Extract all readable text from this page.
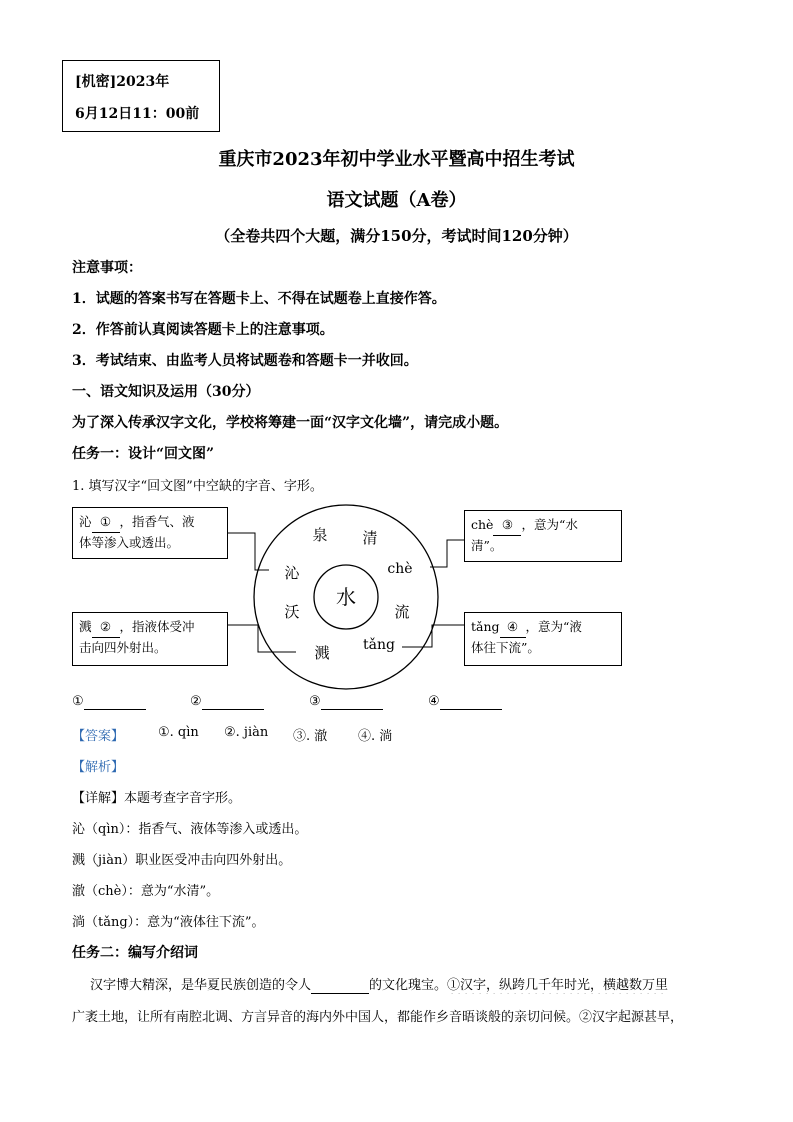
[机密]2023年
6月12日11：00前
重庆市2023年初中学业水平暨高中招生考试
语文试题（A卷）
（全卷共四个大题，满分150分，考试时间120分钟）
注意事项：
1．试题的答案书写在答题卡上、不得在试题卷上直接作答。
2．作答前认真阅读答题卡上的注意事项。
3．考试结束、由监考人员将试题卷和答题卡一并收回。
一、语文知识及运用（30分）
为了深入传承汉字文化，学校将筹建一面“汉字文化墙”，请完成小题。
任务一：设计“回文图”
1. 填写汉字“回文图”中空缺的字音、字形。
泉 清
chè
流
tǎng
溅
沃
沁
水
沁 ① ，指香气、液
体等渗入或透出。
溅 ② ，指液体受冲
击向四外射出。
chè ③ ，意为“水
清”。
tǎng ④ ，意为“液
体往下流”。
①	②	③	④
【答案】	①. qìn ②. jiàn ③. 澈 ④. 淌
【解析】
【详解】本题考查字音字形。
沁（qìn）：指香气、液体等渗入或透出。
溅（jiàn）职业医受冲击向四外射出。
澈（chè）：意为“水清”。
淌（tǎng）：意为“液体往下流”。
任务二：编写介绍词
汉字博大精深，是华夏民族创造的令人	的文化瑰宝。①汉字，纵跨几千年时光，横越数万里
广袤土地，让所有南腔北调、方言异音的海内外中国人，都能作乡音晤谈般的亲切问候。②汉字起源甚早，
